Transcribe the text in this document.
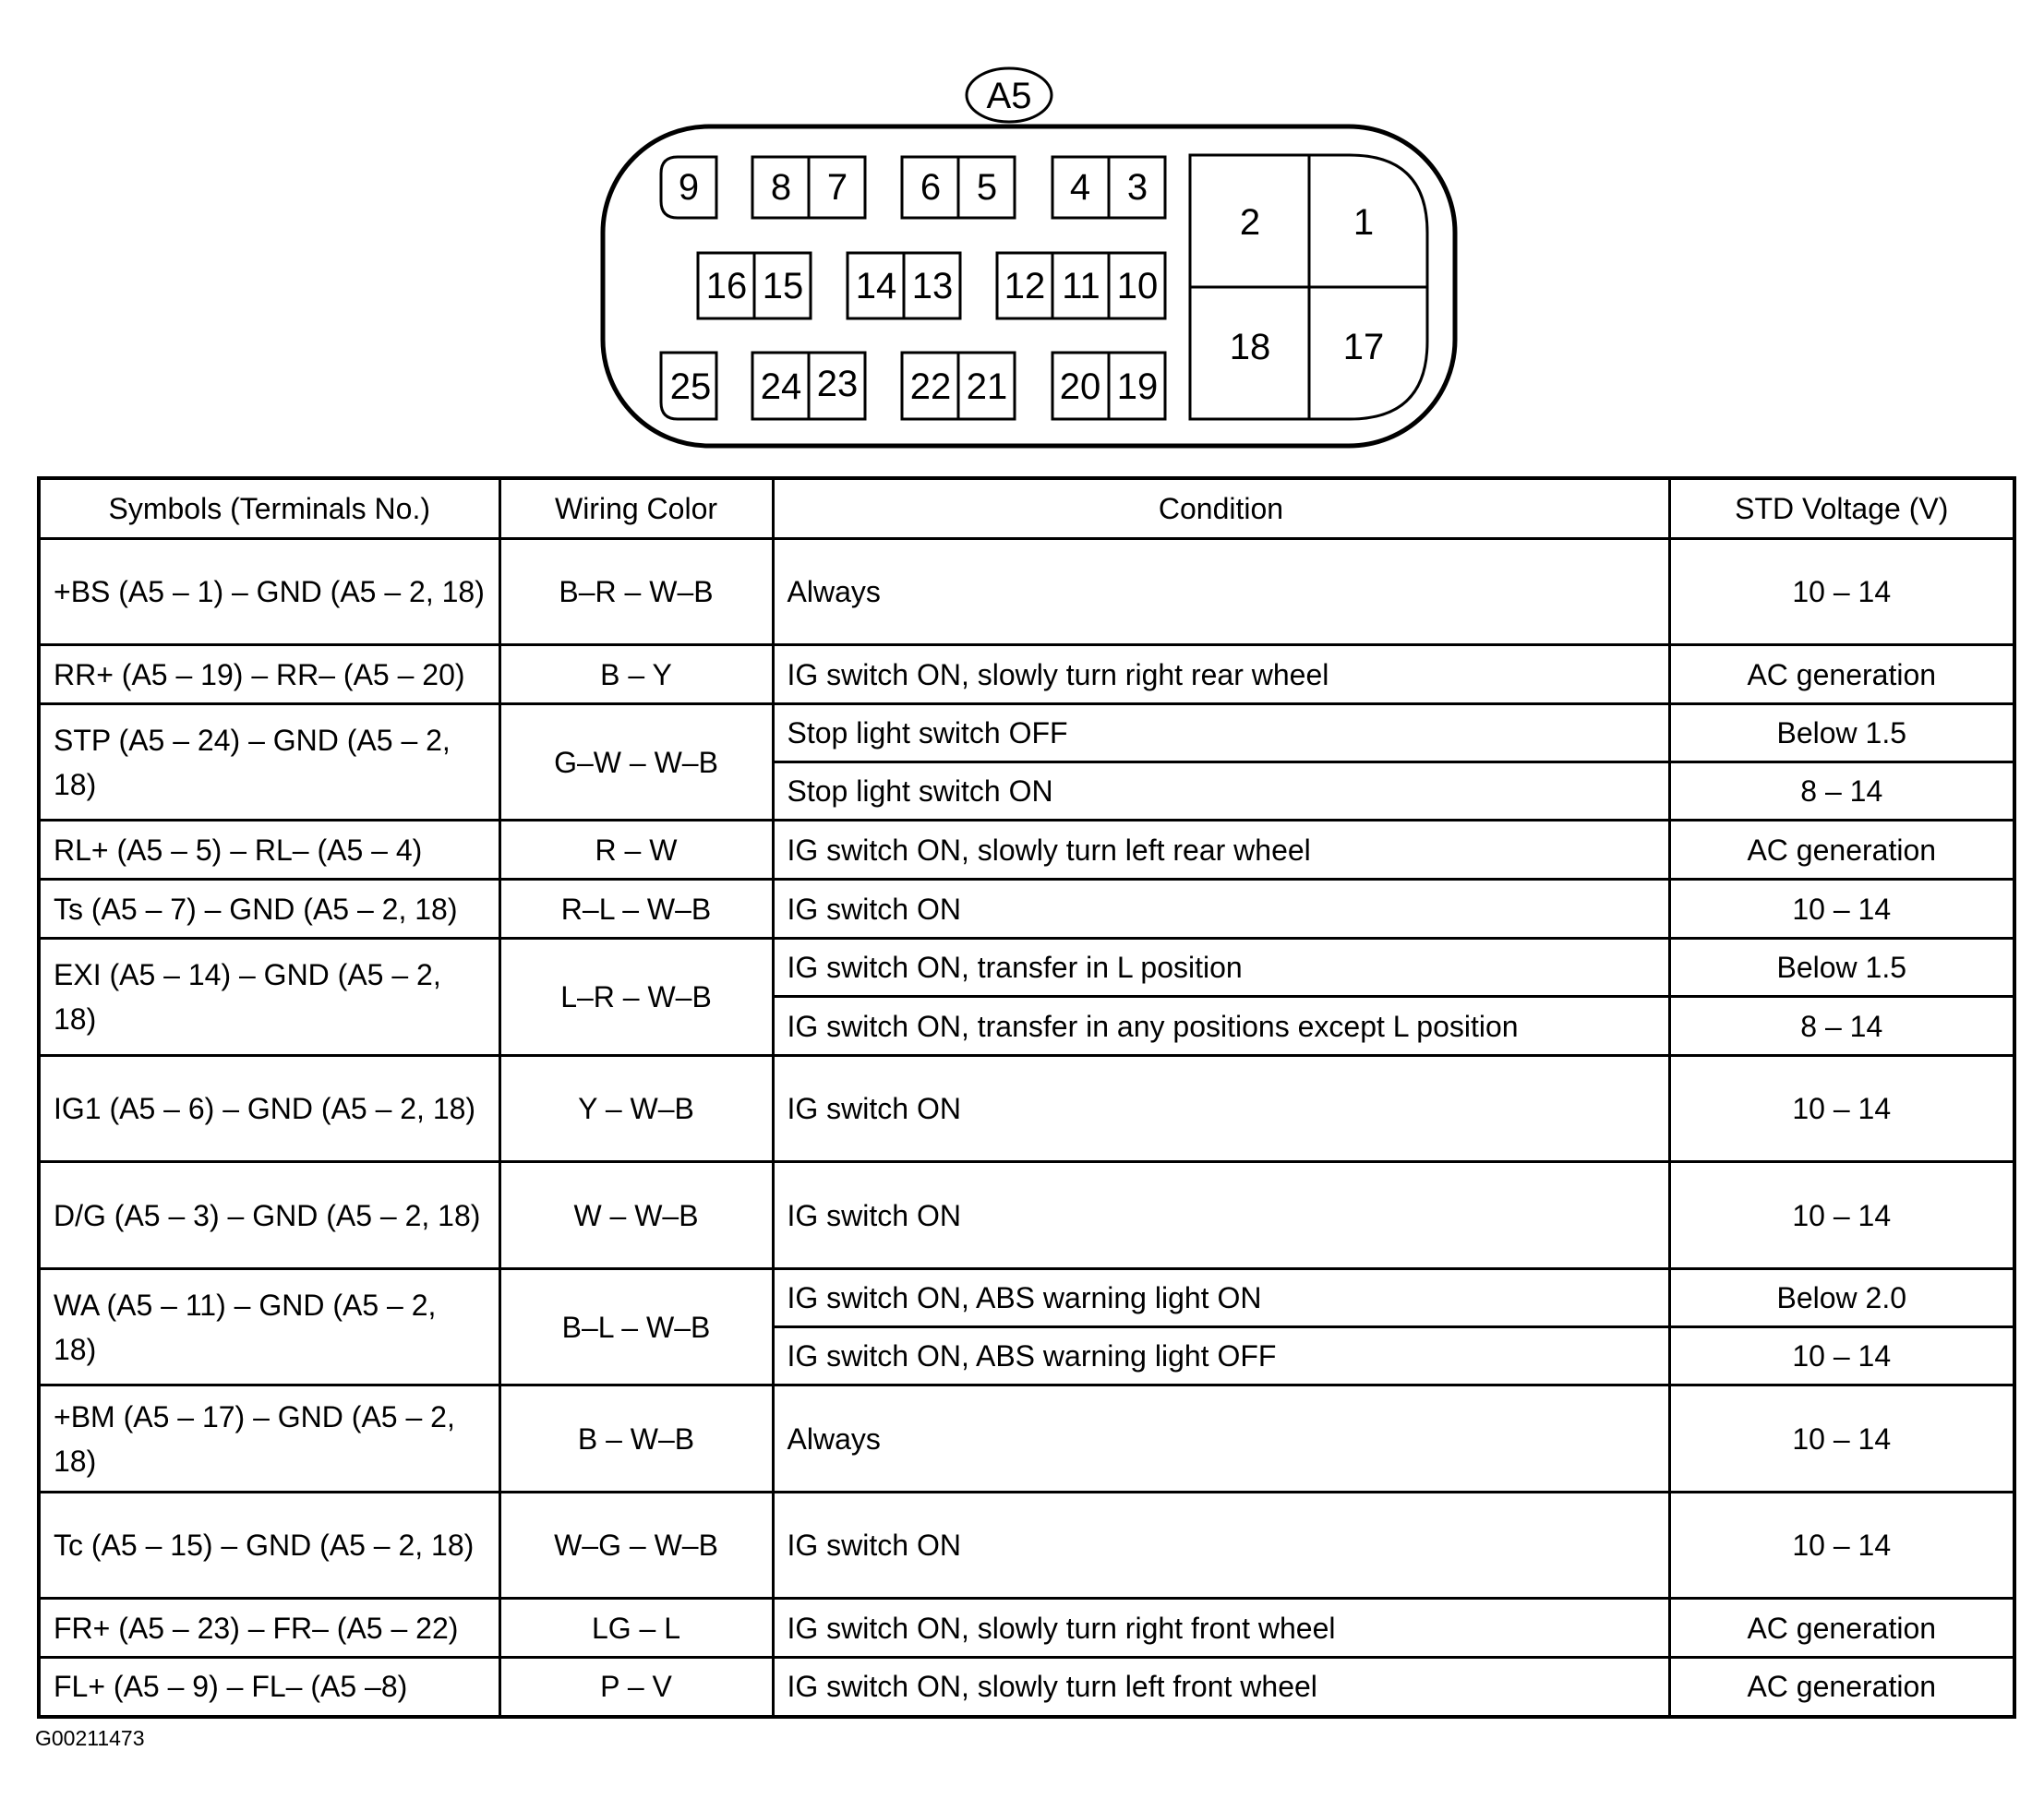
A5
9 8 7 6 5 4 3
16 15 14 13 12 11 10
25 24 23 22 21 20 19
2	1
18 17
Symbols (Terminals No.)	Wiring Color	Condition	STD Voltage (V)
+BS (A5 – 1) – GND (A5 – 2, 18)	B–R – W–B	Always	10 – 14
RR+ (A5 – 19) – RR– (A5 – 20)	B – Y	IG switch ON, slowly turn right rear wheel	AC generation
STP (A5 – 24) – GND (A5 – 2, 18)	G–W – W–B	Stop light switch OFF	Below 1.5
		Stop light switch ON	8 – 14
RL+ (A5 – 5) – RL– (A5 – 4)	R – W	IG switch ON, slowly turn left rear wheel	AC generation
Ts (A5 – 7) – GND (A5 – 2, 18)	R–L – W–B	IG switch ON	10 – 14
EXI (A5 – 14) – GND (A5 – 2, 18)	L–R – W–B	IG switch ON, transfer in L position	Below 1.5
		IG switch ON, transfer in any positions except L position	8 – 14
IG1 (A5 – 6) – GND (A5 – 2, 18)	Y – W–B	IG switch ON	10 – 14
D/G (A5 – 3) – GND (A5 – 2, 18)	W – W–B	IG switch ON	10 – 14
WA (A5 – 11) – GND (A5 – 2, 18)	B–L – W–B	IG switch ON, ABS warning light ON	Below 2.0
		IG switch ON, ABS warning light OFF	10 – 14
+BM (A5 – 17) – GND (A5 – 2, 18)	B – W–B	Always	10 – 14
Tc (A5 – 15) – GND (A5 – 2, 18)	W–G – W–B	IG switch ON	10 – 14
FR+ (A5 – 23) – FR– (A5 – 22)	LG – L	IG switch ON, slowly turn right front wheel	AC generation
FL+ (A5 – 9) – FL– (A5 –8)	P – V	IG switch ON, slowly turn left front wheel	AC generation
G00211473
